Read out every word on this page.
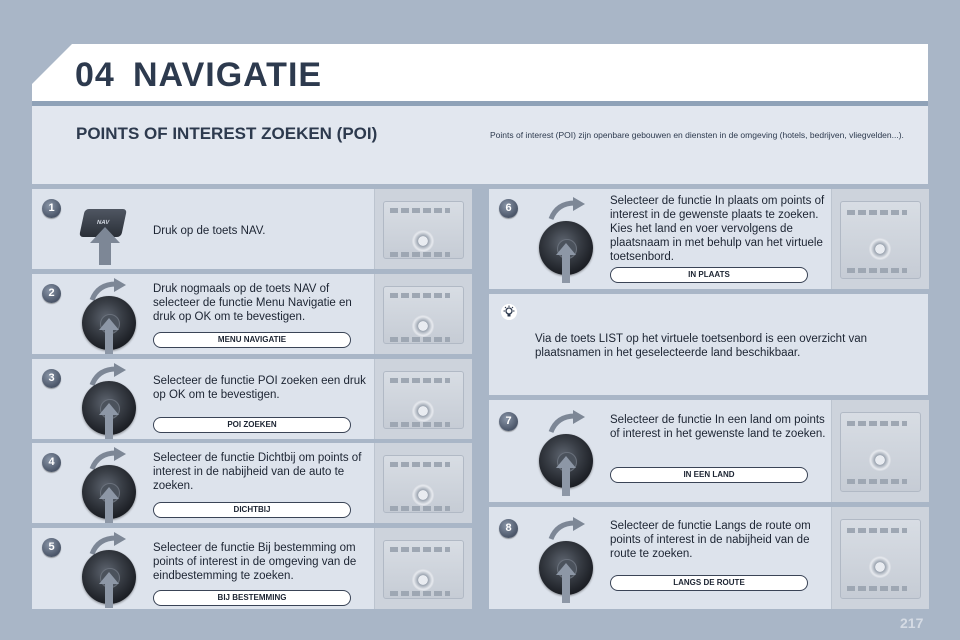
04 NAVIGATIE
POINTS OF INTEREST ZOEKEN (POI)	Points of interest (POI) zijn openbare gebouwen en diensten in de omgeving (hotels, bedrijven, vliegvelden...).
1
NAV
Druk op de toets NAV.
2	Druk nogmaals op de toets NAV of selecteer de functie Menu Navigatie en druk op OK om te bevestigen.
MENU NAVIGATIE
3	Selecteer de functie POI zoeken een druk op OK om te bevestigen.
POI ZOEKEN
4	Selecteer de functie Dichtbij om points of interest in de nabijheid van de auto te zoeken.
DICHTBIJ
5	Selecteer de functie Bij bestemming om points of interest in de omgeving van de eindbestemming te zoeken.
BIJ BESTEMMING
6
Selecteer de functie In plaats om points of interest in de gewenste plaats te zoeken. Kies het land en voer vervolgens de plaatsnaam in met behulp van het virtuele toetsenbord.
IN PLAATS
Via de toets LIST op het virtuele toetsenbord is een overzicht van plaatsnamen in het geselecteerde land beschikbaar.
7	Selecteer de functie In een land om points of interest in het gewenste land te zoeken.
IN EEN LAND
8	Selecteer de functie Langs de route om points of interest in de nabijheid van de route te zoeken.
LANGS DE ROUTE
217
